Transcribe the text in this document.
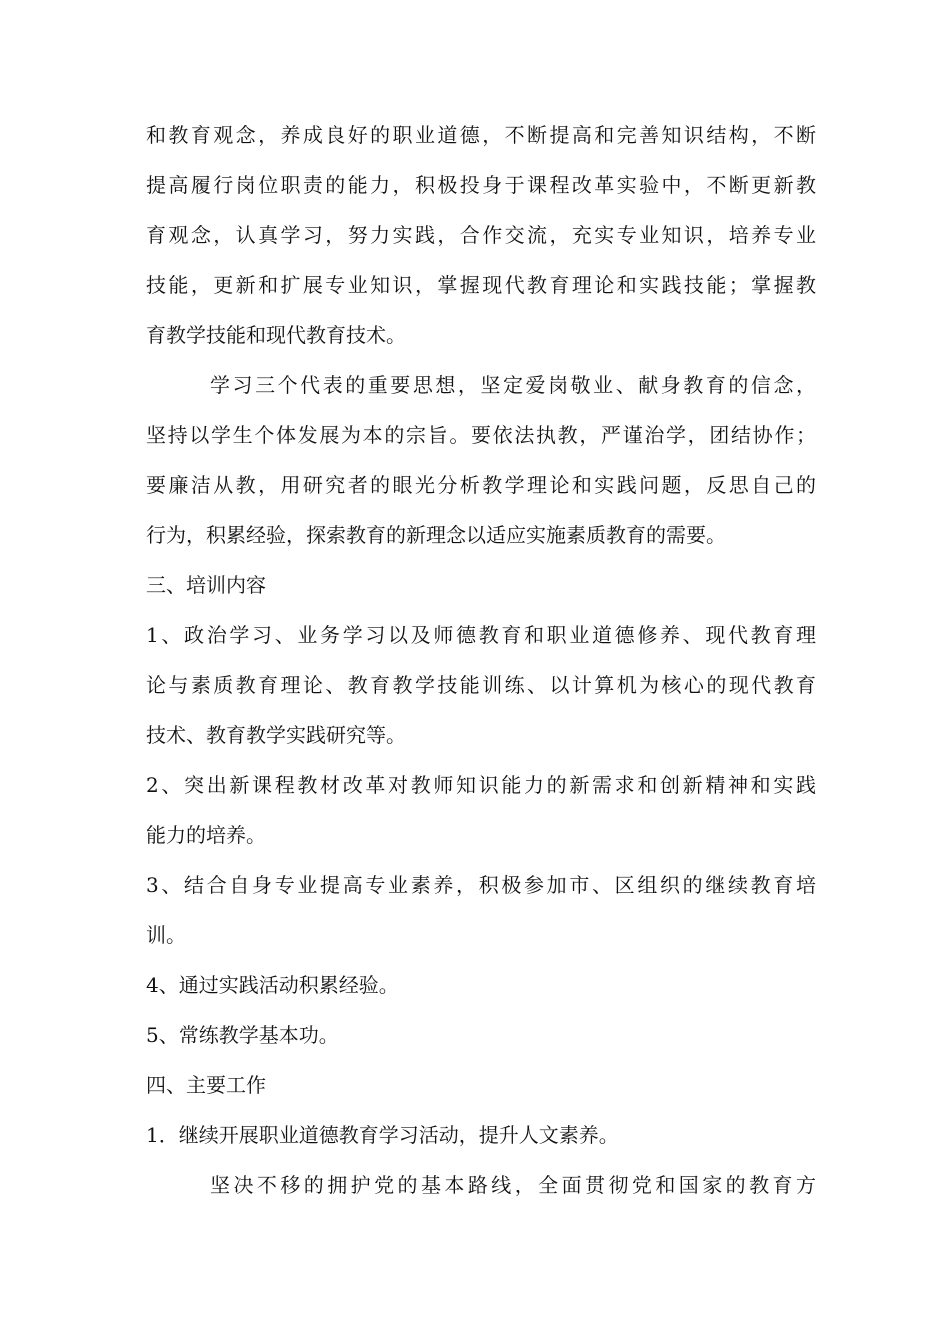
和教育观念，养成良好的职业道德，不断提高和完善知识结构，不断
提高履行岗位职责的能力，积极投身于课程改革实验中，不断更新教
育观念，认真学习，努力实践，合作交流，充实专业知识，培养专业
技能，更新和扩展专业知识，掌握现代教育理论和实践技能；掌握教
育教学技能和现代教育技术。
学习三个代表的重要思想，坚定爱岗敬业、献身教育的信念，
坚持以学生个体发展为本的宗旨。要依法执教，严谨治学，团结协作；
要廉洁从教，用研究者的眼光分析教学理论和实践问题，反思自己的
行为，积累经验，探索教育的新理念以适应实施素质教育的需要。
三、培训内容
1、政治学习、业务学习以及师德教育和职业道德修养、现代教育理
论与素质教育理论、教育教学技能训练、以计算机为核心的现代教育
技术、教育教学实践研究等。
2、突出新课程教材改革对教师知识能力的新需求和创新精神和实践
能力的培养。
3、结合自身专业提高专业素养，积极参加市、区组织的继续教育培
训。
4、通过实践活动积累经验。
5、常练教学基本功。
四、主要工作
1．继续开展职业道德教育学习活动，提升人文素养。
坚决不移的拥护党的基本路线，全面贯彻党和国家的教育方
